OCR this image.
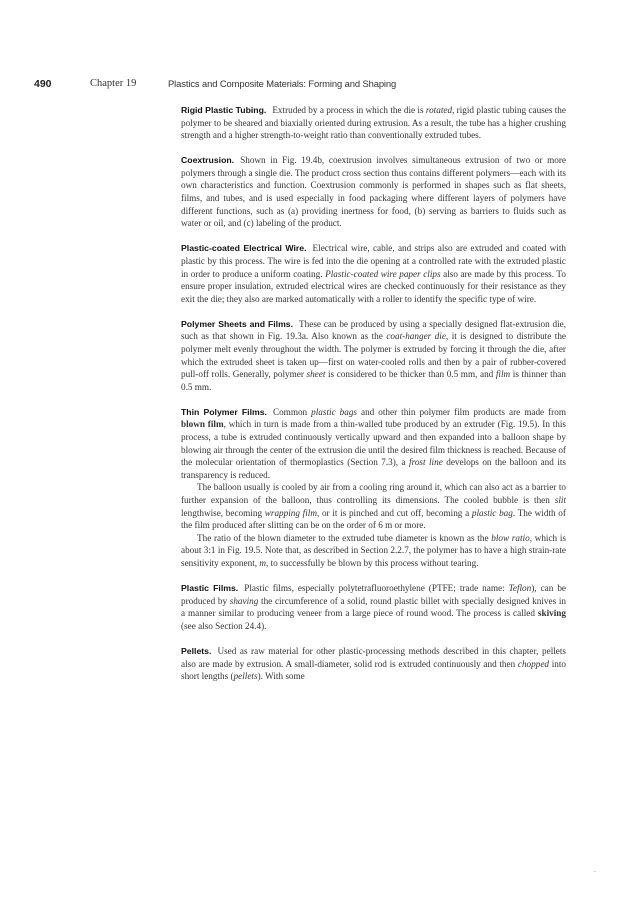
490	Chapter 19	Plastics and Composite Materials: Forming and Shaping

Rigid Plastic Tubing. Extruded by a process in which the die is rotated, rigid plastic tubing causes the polymer to be sheared and biaxially oriented during extrusion. As a result, the tube has a higher crushing strength and a higher strength-to-weight ratio than conventionally extruded tubes.

Coextrusion. Shown in Fig. 19.4b, coextrusion involves simultaneous extrusion of two or more polymers through a single die. The product cross section thus contains different polymers—each with its own characteristics and function. Coextrusion commonly is performed in shapes such as flat sheets, films, and tubes, and is used especially in food packaging where different layers of polymers have different functions, such as (a) providing inertness for food, (b) serving as barriers to fluids such as water or oil, and (c) labeling of the product.

Plastic-coated Electrical Wire. Electrical wire, cable, and strips also are extruded and coated with plastic by this process. The wire is fed into the die opening at a controlled rate with the extruded plastic in order to produce a uniform coating. Plastic-coated wire paper clips also are made by this process. To ensure proper insulation, extruded electrical wires are checked continuously for their resistance as they exit the die; they also are marked automatically with a roller to identify the specific type of wire.

Polymer Sheets and Films. These can be produced by using a specially designed flat-extrusion die, such as that shown in Fig. 19.3a. Also known as the coat-hanger die, it is designed to distribute the polymer melt evenly throughout the width. The polymer is extruded by forcing it through the die, after which the extruded sheet is taken up—first on water-cooled rolls and then by a pair of rubber-covered pull-off rolls. Generally, polymer sheet is considered to be thicker than 0.5 mm, and film is thinner than 0.5 mm.

Thin Polymer Films. Common plastic bags and other thin polymer film products are made from blown film, which in turn is made from a thin-walled tube produced by an extruder (Fig. 19.5). In this process, a tube is extruded continuously vertically upward and then expanded into a balloon shape by blowing air through the center of the extrusion die until the desired film thickness is reached. Because of the molecular orientation of thermoplastics (Section 7.3), a frost line develops on the balloon and its transparency is reduced.

The balloon usually is cooled by air from a cooling ring around it, which can also act as a barrier to further expansion of the balloon, thus controlling its dimensions. The cooled bubble is then slit lengthwise, becoming wrapping film, or it is pinched and cut off, becoming a plastic bag. The width of the film produced after slitting can be on the order of 6 m or more.

The ratio of the blown diameter to the extruded tube diameter is known as the blow ratio, which is about 3:1 in Fig. 19.5. Note that, as described in Section 2.2.7, the polymer has to have a high strain-rate sensitivity exponent, m, to successfully be blown by this process without tearing.

Plastic Films. Plastic films, especially polytetrafluoroethylene (PTFE; trade name: Teflon), can be produced by shaving the circumference of a solid, round plastic billet with specially designed knives in a manner similar to producing veneer from a large piece of round wood. The process is called skiving (see also Section 24.4).

Pellets. Used as raw material for other plastic-processing methods described in this chapter, pellets also are made by extrusion. A small-diameter, solid rod is extruded continuously and then chopped into short lengths (pellets). With some

.
